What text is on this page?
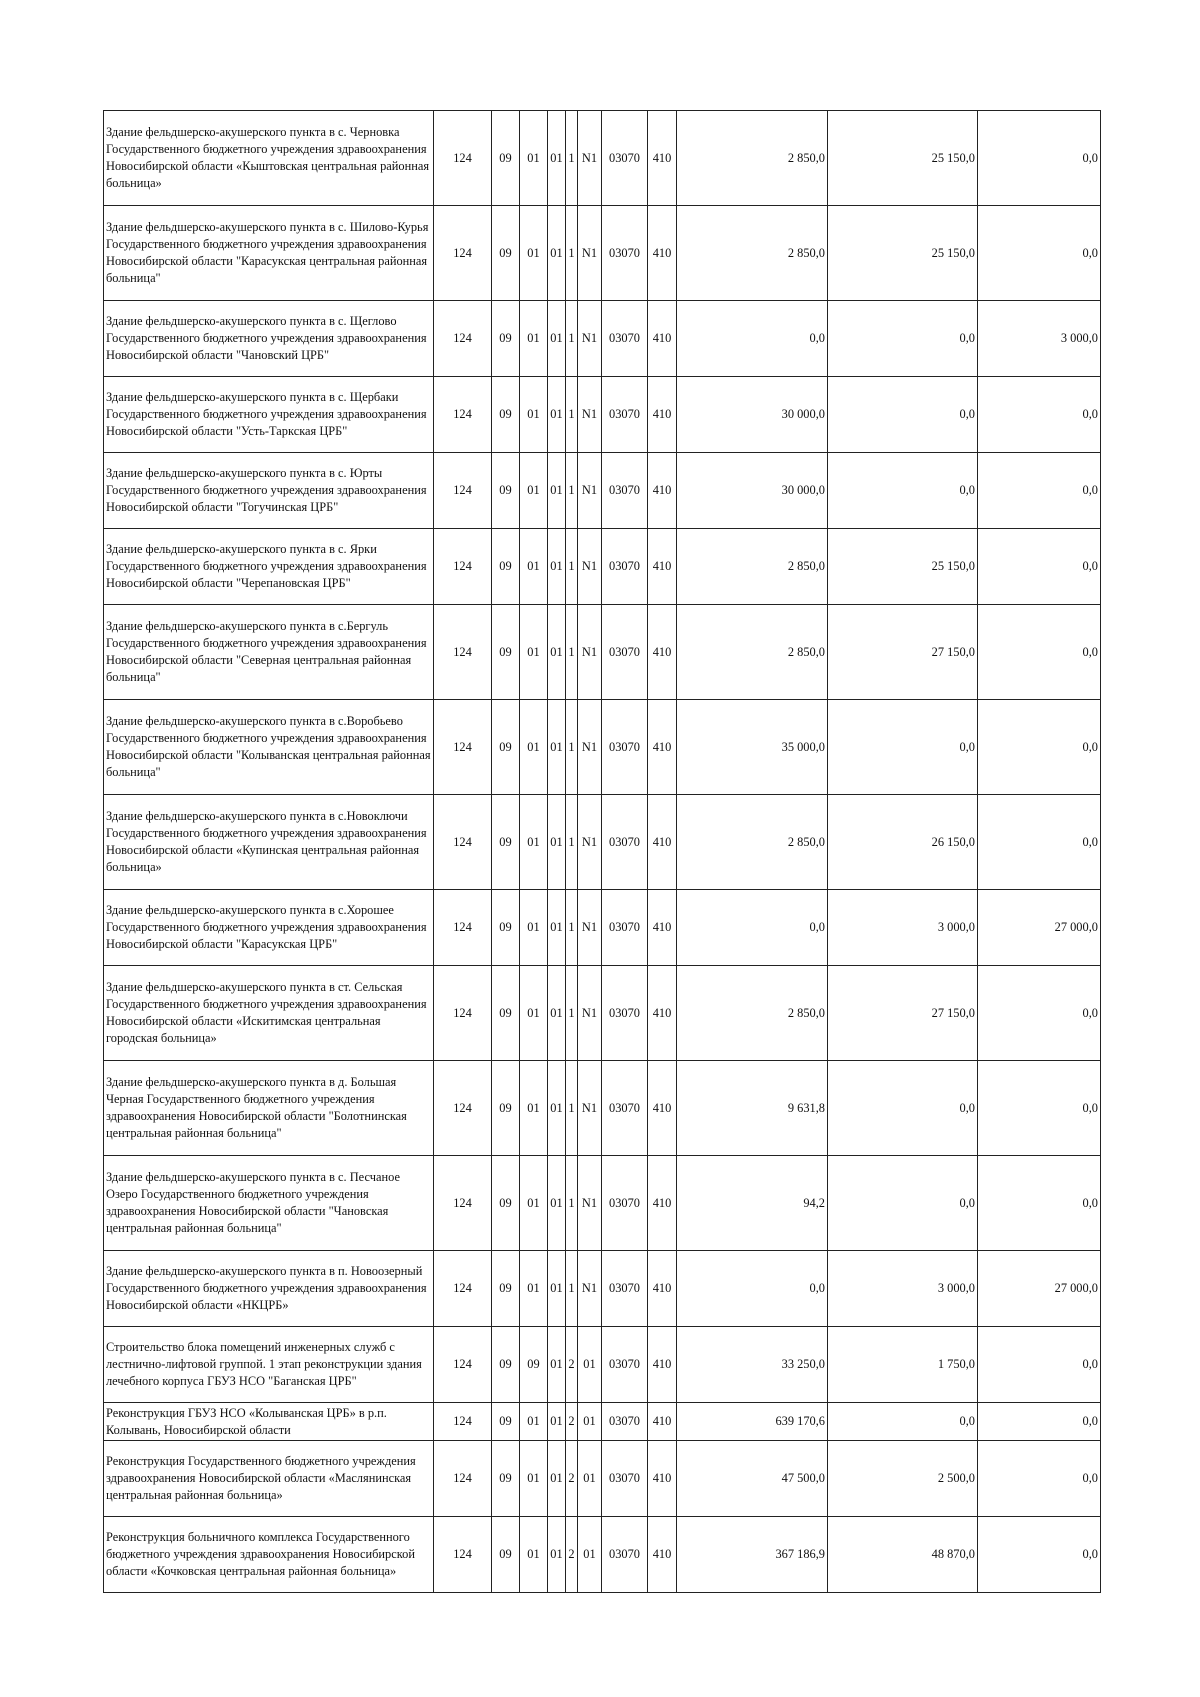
Здание фельдшерско-акушерского пункта в с. Черновка Государственного бюджетного учреждения здравоохранения Новосибирской области «Кыштовская центральная районная больница»	124	09	01	01	1	N1	03070	410	2 850,0	25 150,0	0,0
Здание фельдшерско-акушерского пункта в с. Шилово-Курья Государственного бюджетного учреждения здравоохранения Новосибирской области "Карасукская центральная районная больница"	124	09	01	01	1	N1	03070	410	2 850,0	25 150,0	0,0
Здание фельдшерско-акушерского пункта в с. Щеглово Государственного бюджетного учреждения здравоохранения Новосибирской области "Чановский ЦРБ"	124	09	01	01	1	N1	03070	410	0,0	0,0	3 000,0
Здание фельдшерско-акушерского пункта в с. Щербаки Государственного бюджетного учреждения здравоохранения Новосибирской области "Усть-Таркская ЦРБ"	124	09	01	01	1	N1	03070	410	30 000,0	0,0	0,0
Здание фельдшерско-акушерского пункта в с. Юрты Государственного бюджетного учреждения здравоохранения Новосибирской области "Тогучинская ЦРБ"	124	09	01	01	1	N1	03070	410	30 000,0	0,0	0,0
Здание фельдшерско-акушерского пункта в с. Ярки Государственного бюджетного учреждения здравоохранения Новосибирской области "Черепановская ЦРБ"	124	09	01	01	1	N1	03070	410	2 850,0	25 150,0	0,0
Здание фельдшерско-акушерского пункта в с.Бергуль Государственного бюджетного учреждения здравоохранения Новосибирской области "Северная центральная районная больница"	124	09	01	01	1	N1	03070	410	2 850,0	27 150,0	0,0
Здание фельдшерско-акушерского пункта в с.Воробьево Государственного бюджетного учреждения здравоохранения Новосибирской области "Колыванская центральная районная больница"	124	09	01	01	1	N1	03070	410	35 000,0	0,0	0,0
Здание фельдшерско-акушерского пункта в с.Новоключи Государственного бюджетного учреждения здравоохранения Новосибирской области «Купинская центральная районная больница»	124	09	01	01	1	N1	03070	410	2 850,0	26 150,0	0,0
Здание фельдшерско-акушерского пункта в с.Хорошее Государственного бюджетного учреждения здравоохранения Новосибирской области "Карасукская ЦРБ"	124	09	01	01	1	N1	03070	410	0,0	3 000,0	27 000,0
Здание фельдшерско-акушерского пункта в ст. Сельская Государственного бюджетного учреждения здравоохранения Новосибирской области «Искитимская центральная городская больница»	124	09	01	01	1	N1	03070	410	2 850,0	27 150,0	0,0
Здание фельдшерско-акушерского пункта в д. Большая Черная Государственного бюджетного учреждения здравоохранения Новосибирской области "Болотнинская центральная районная больница"	124	09	01	01	1	N1	03070	410	9 631,8	0,0	0,0
Здание фельдшерско-акушерского пункта в с. Песчаное Озеро Государственного бюджетного учреждения здравоохранения Новосибирской области "Чановская центральная районная больница"	124	09	01	01	1	N1	03070	410	94,2	0,0	0,0
Здание фельдшерско-акушерского пункта в п. Новоозерный Государственного бюджетного учреждения здравоохранения Новосибирской области «НКЦРБ»	124	09	01	01	1	N1	03070	410	0,0	3 000,0	27 000,0
Строительство блока помещений инженерных служб с лестнично-лифтовой группой. 1 этап реконструкции здания лечебного корпуса ГБУЗ НСО "Баганская ЦРБ"	124	09	09	01	2	01	03070	410	33 250,0	1 750,0	0,0
Реконструкция ГБУЗ НСО «Колыванская ЦРБ» в р.п. Колывань, Новосибирской области	124	09	01	01	2	01	03070	410	639 170,6	0,0	0,0
Реконструкция Государственного бюджетного учреждения здравоохранения Новосибирской области «Маслянинская центральная районная больница»	124	09	01	01	2	01	03070	410	47 500,0	2 500,0	0,0
Реконструкция больничного комплекса Государственного бюджетного учреждения здравоохранения Новосибирской области «Кочковская центральная районная больница»	124	09	01	01	2	01	03070	410	367 186,9	48 870,0	0,0
